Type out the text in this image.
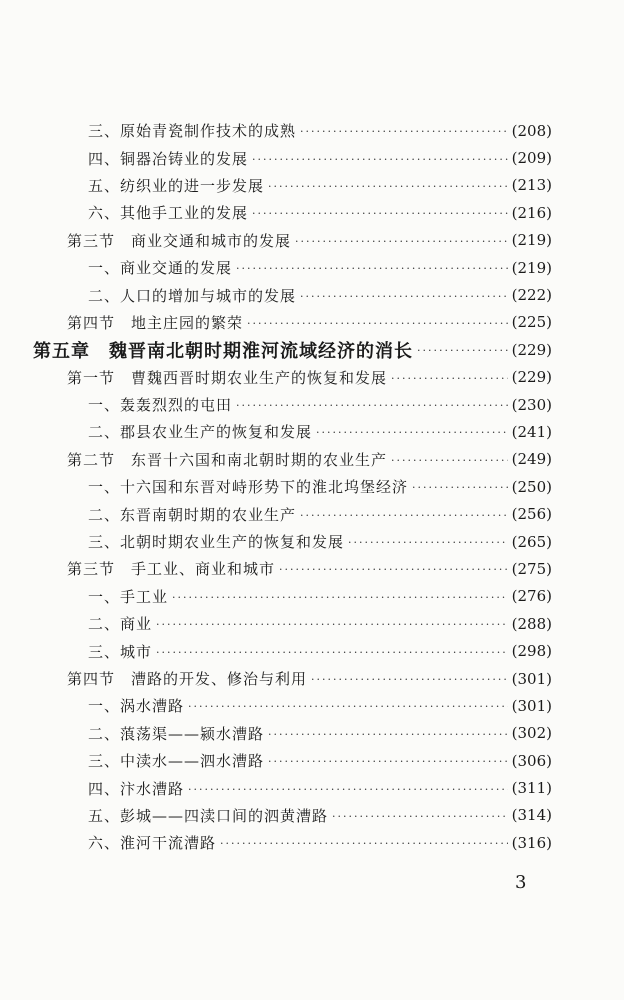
三、原始青瓷制作技术的成熟 ·····	(208)
四、铜器冶铸业的发展 ·····	(209)
五、纺织业的进一步发展 ·····	(213)
六、其他手工业的发展 ·····	(216)
第三节　商业交通和城市的发展 ·····	(219)
一、商业交通的发展 ·····	(219)
二、人口的增加与城市的发展 ·····	(222)
第四节　地主庄园的繁荣 ·····	(225)
第五章　魏晋南北朝时期淮河流域经济的消长 ·····	(229)
第一节　曹魏西晋时期农业生产的恢复和发展 ·····	(229)
一、轰轰烈烈的屯田 ·····	(230)
二、郡县农业生产的恢复和发展 ·····	(241)
第二节　东晋十六国和南北朝时期的农业生产 ·····	(249)
一、十六国和东晋对峙形势下的淮北坞堡经济 ·····	(250)
二、东晋南朝时期的农业生产 ·····	(256)
三、北朝时期农业生产的恢复和发展 ·····	(265)
第三节　手工业、商业和城市 ·····	(275)
一、手工业 ·····	(276)
二、商业 ·····	(288)
三、城市 ·····	(298)
第四节　漕路的开发、修治与利用 ·····	(301)
一、涡水漕路 ·····	(301)
二、蒗荡渠——颍水漕路 ·····	(302)
三、中渎水——泗水漕路 ·····	(306)
四、汴水漕路 ·····	(311)
五、彭城——四渎口间的泗黄漕路 ·····	(314)
六、淮河干流漕路 ·····	(316)
3
